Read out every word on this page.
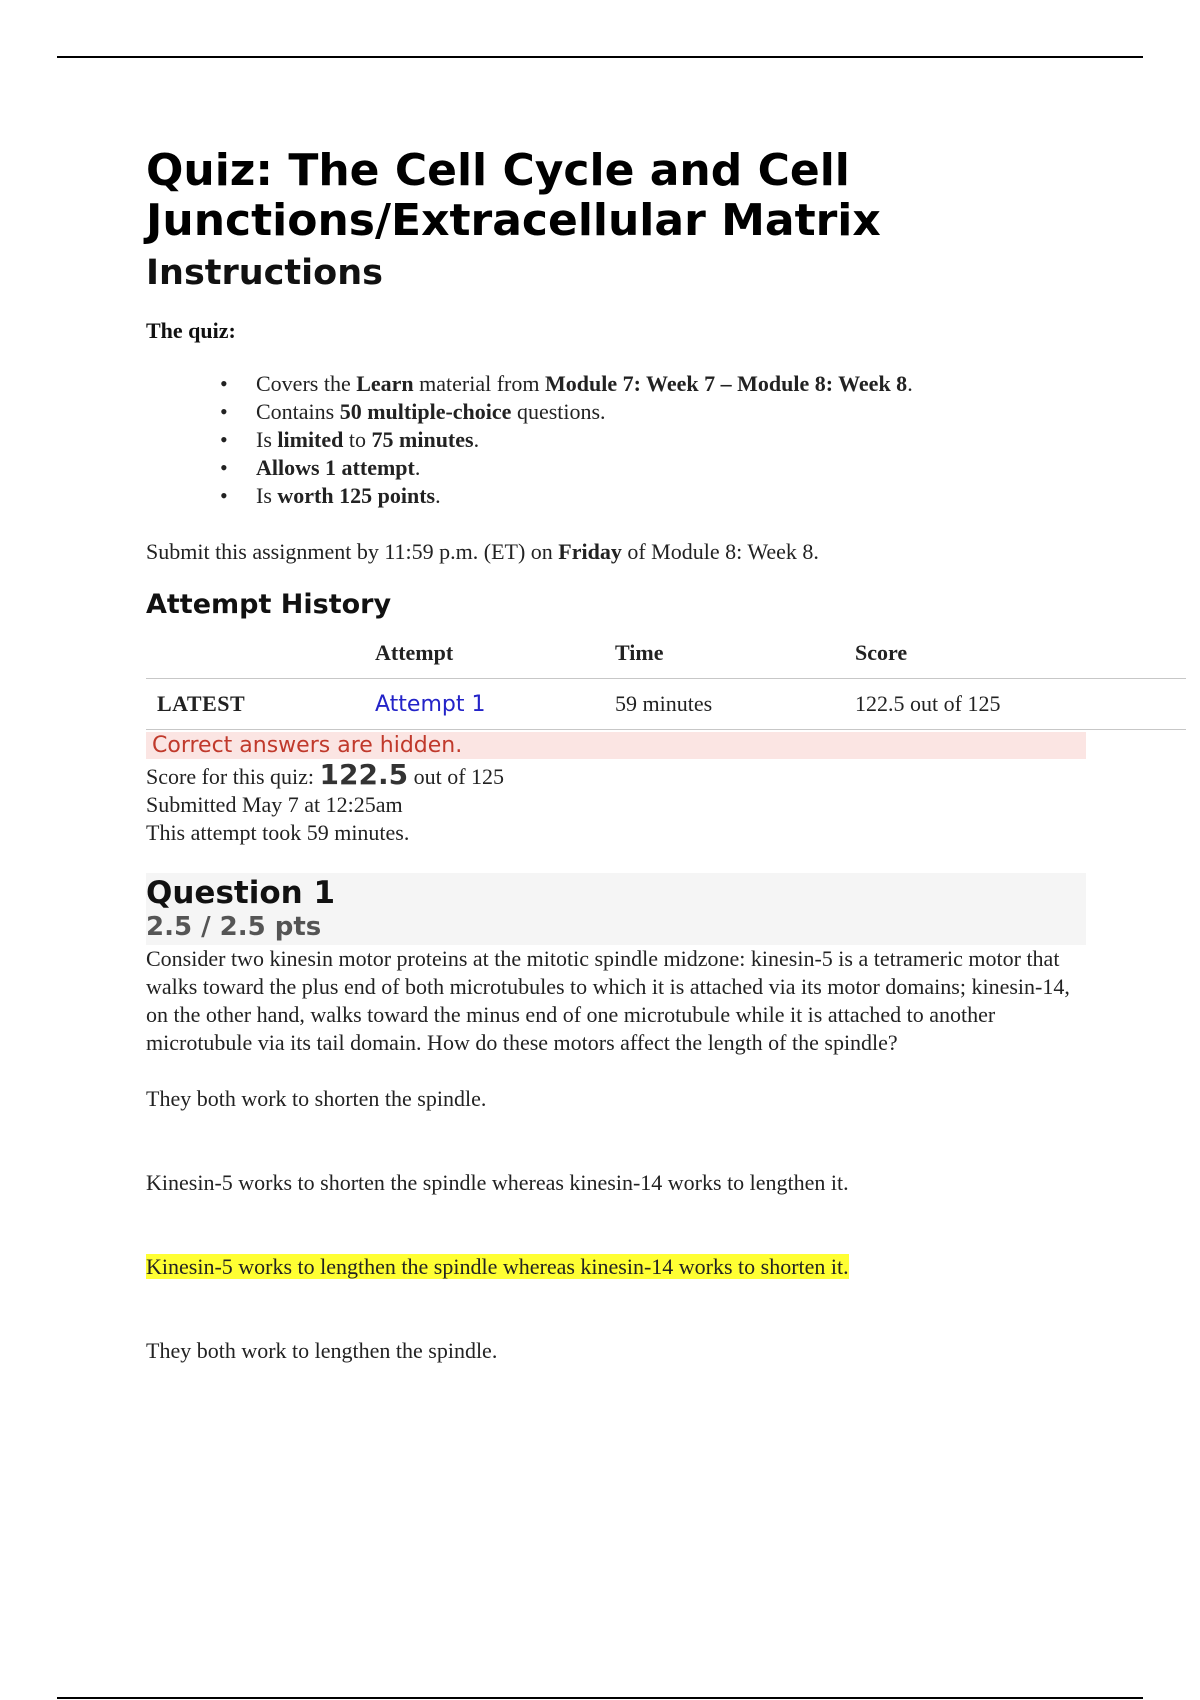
Quiz: The Cell Cycle and Cell Junctions/Extracellular Matrix
Instructions

The quiz:

• Covers the Learn material from Module 7: Week 7 – Module 8: Week 8.
• Contains 50 multiple-choice questions.
• Is limited to 75 minutes.
• Allows 1 attempt.
• Is worth 125 points.

Submit this assignment by 11:59 p.m. (ET) on Friday of Module 8: Week 8.

Attempt History
	Attempt	Time	Score
LATEST	Attempt 1	59 minutes	122.5 out of 125
Correct answers are hidden.

Score for this quiz: 122.5 out of 125

Submitted May 7 at 12:25am

This attempt took 59 minutes.

Question 1
2.5 / 2.5 pts

Consider two kinesin motor proteins at the mitotic spindle midzone: kinesin-5 is a tetrameric motor that walks toward the plus end of both microtubules to which it is attached via its motor domains; kinesin-14, on the other hand, walks toward the minus end of one microtubule while it is attached to another microtubule via its tail domain. How do these motors affect the length of the spindle?

They both work to shorten the spindle.
Kinesin-5 works to shorten the spindle whereas kinesin-14 works to lengthen it.
Kinesin-5 works to lengthen the spindle whereas kinesin-14 works to shorten it.
They both work to lengthen the spindle.
